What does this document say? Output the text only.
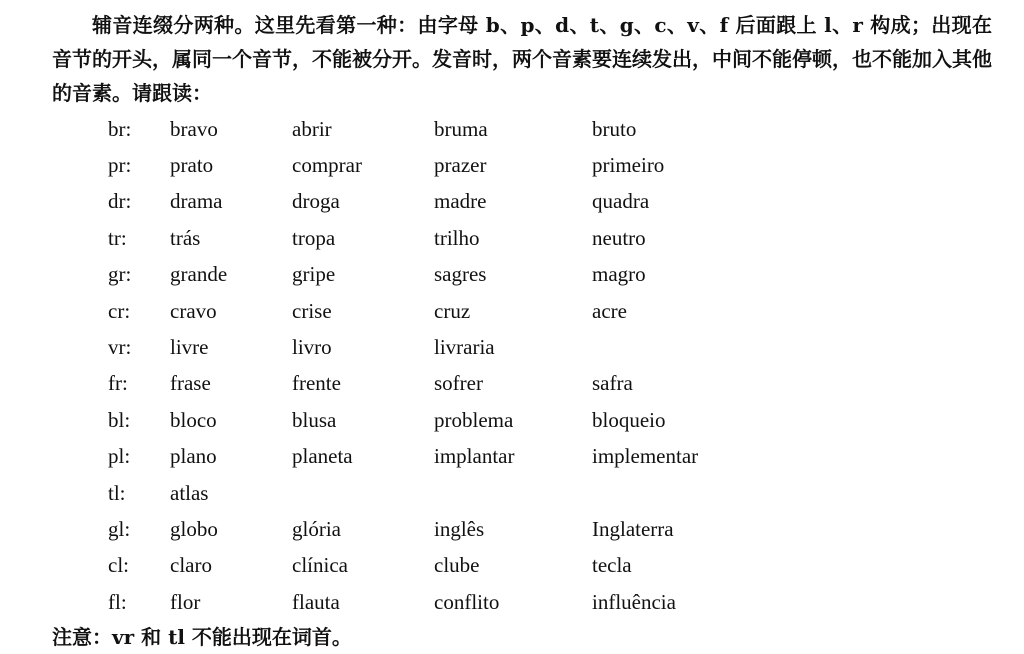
辅音连缀分两种。这里先看第一种：由字母 b、p、d、t、g、c、v、f 后面跟上 l、r 构成；出现在音节的开头，属同一个音节，不能被分开。发音时，两个音素要连续发出，中间不能停顿，也不能加入其他的音素。请跟读：

br:	bravo	abrir	bruma	bruto
pr:	prato	comprar	prazer	primeiro
dr:	drama	droga	madre	quadra
tr:	trás	tropa	trilho	neutro
gr:	grande	gripe	sagres	magro
cr:	cravo	crise	cruz	acre
vr:	livre	livro	livraria	
fr:	frase	frente	sofrer	safra
bl:	bloco	blusa	problema	bloqueio
pl:	plano	planeta	implantar	implementar
tl:	atlas			
gl:	globo	glória	inglês	Inglaterra
cl:	claro	clínica	clube	tecla
fl:	flor	flauta	conflito	influência

注意：vr 和 tl 不能出现在词首。
